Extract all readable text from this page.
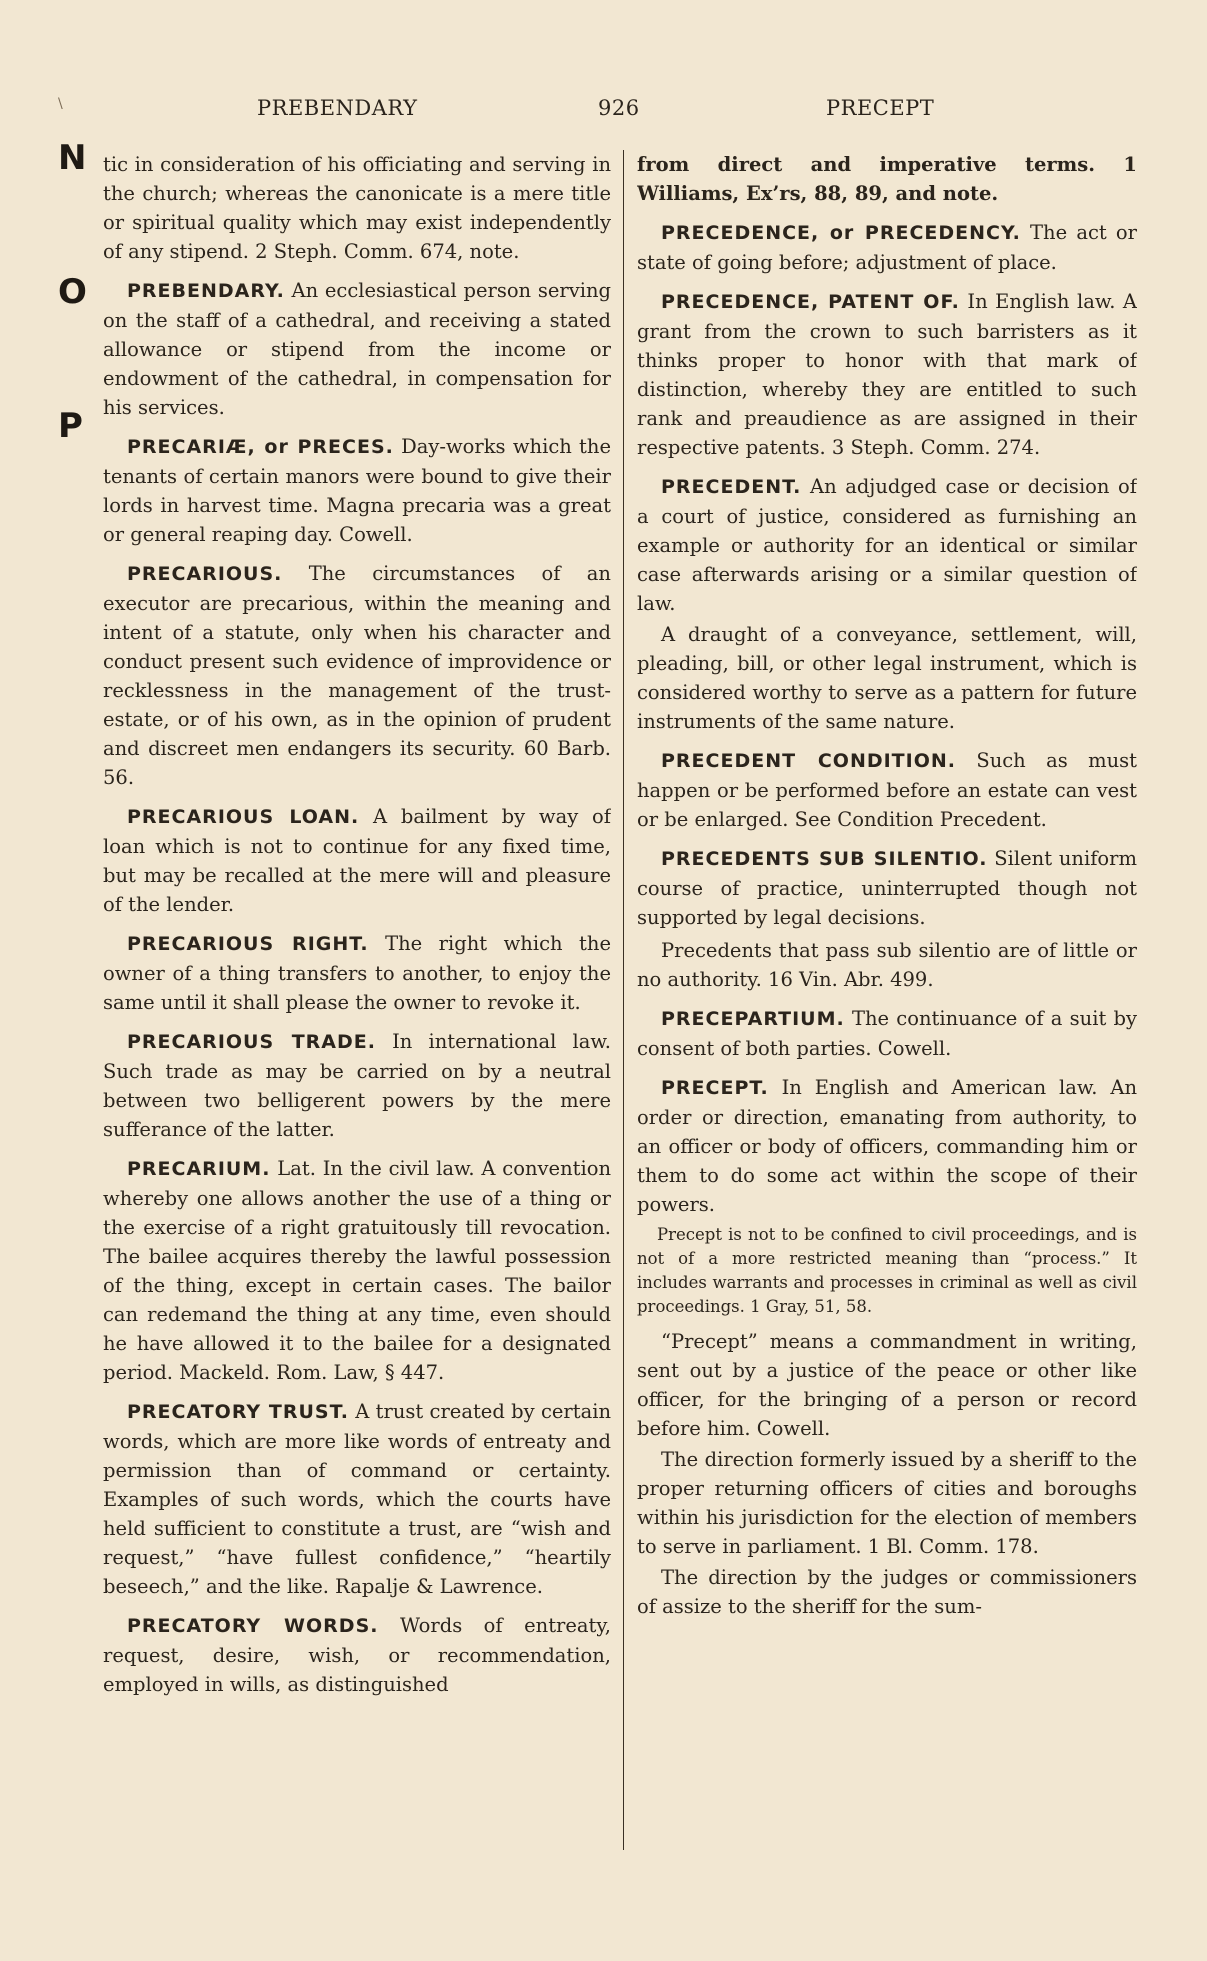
\	PREBENDARY	926	PRECEPT
N
O
P

tic in consideration of his officiating and serving in the church; whereas the canonicate is a mere title or spiritual quality which may exist independently of any stipend. 2 Steph. Comm. 674, note.

PREBENDARY. An ecclesiastical person serving on the staff of a cathedral, and receiving a stated allowance or stipend from the income or endowment of the cathedral, in compensation for his services.

PRECARIÆ, or PRECES. Day-works which the tenants of certain manors were bound to give their lords in harvest time. Magna precaria was a great or general reaping day. Cowell.

PRECARIOUS. The circumstances of an executor are precarious, within the meaning and intent of a statute, only when his character and conduct present such evidence of improvidence or recklessness in the management of the trust-estate, or of his own, as in the opinion of prudent and discreet men endangers its security. 60 Barb. 56.

PRECARIOUS LOAN. A bailment by way of loan which is not to continue for any fixed time, but may be recalled at the mere will and pleasure of the lender.

PRECARIOUS RIGHT. The right which the owner of a thing transfers to another, to enjoy the same until it shall please the owner to revoke it.

PRECARIOUS TRADE. In international law. Such trade as may be carried on by a neutral between two belligerent powers by the mere sufferance of the latter.

PRECARIUM. Lat. In the civil law. A convention whereby one allows another the use of a thing or the exercise of a right gratuitously till revocation. The bailee acquires thereby the lawful possession of the thing, except in certain cases. The bailor can redemand the thing at any time, even should he have allowed it to the bailee for a designated period. Mackeld. Rom. Law, § 447.

PRECATORY TRUST. A trust created by certain words, which are more like words of entreaty and permission than of command or certainty. Examples of such words, which the courts have held sufficient to constitute a trust, are “wish and request,” “have fullest confidence,” “heartily beseech,” and the like. Rapalje & Lawrence.

PRECATORY WORDS. Words of entreaty, request, desire, wish, or recommendation, employed in wills, as distinguished

from direct and imperative terms. 1 Williams, Ex’rs, 88, 89, and note.

PRECEDENCE, or PRECEDENCY. The act or state of going before; adjustment of place.

PRECEDENCE, PATENT OF. In English law. A grant from the crown to such barristers as it thinks proper to honor with that mark of distinction, whereby they are entitled to such rank and preaudience as are assigned in their respective patents. 3 Steph. Comm. 274.

PRECEDENT. An adjudged case or decision of a court of justice, considered as furnishing an example or authority for an identical or similar case afterwards arising or a similar question of law.

A draught of a conveyance, settlement, will, pleading, bill, or other legal instrument, which is considered worthy to serve as a pattern for future instruments of the same nature.

PRECEDENT CONDITION. Such as must happen or be performed before an estate can vest or be enlarged. See Condition Precedent.

PRECEDENTS SUB SILENTIO. Silent uniform course of practice, uninterrupted though not supported by legal decisions.

Precedents that pass sub silentio are of little or no authority. 16 Vin. Abr. 499.

PRECEPARTIUM. The continuance of a suit by consent of both parties. Cowell.

PRECEPT. In English and American law. An order or direction, emanating from authority, to an officer or body of officers, commanding him or them to do some act within the scope of their powers.

Precept is not to be confined to civil proceedings, and is not of a more restricted meaning than “process.” It includes warrants and processes in criminal as well as civil proceedings. 1 Gray, 51, 58.

“Precept” means a commandment in writing, sent out by a justice of the peace or other like officer, for the bringing of a person or record before him. Cowell.

The direction formerly issued by a sheriff to the proper returning officers of cities and boroughs within his jurisdiction for the election of members to serve in parliament. 1 Bl. Comm. 178.

The direction by the judges or commissioners of assize to the sheriff for the sum-
